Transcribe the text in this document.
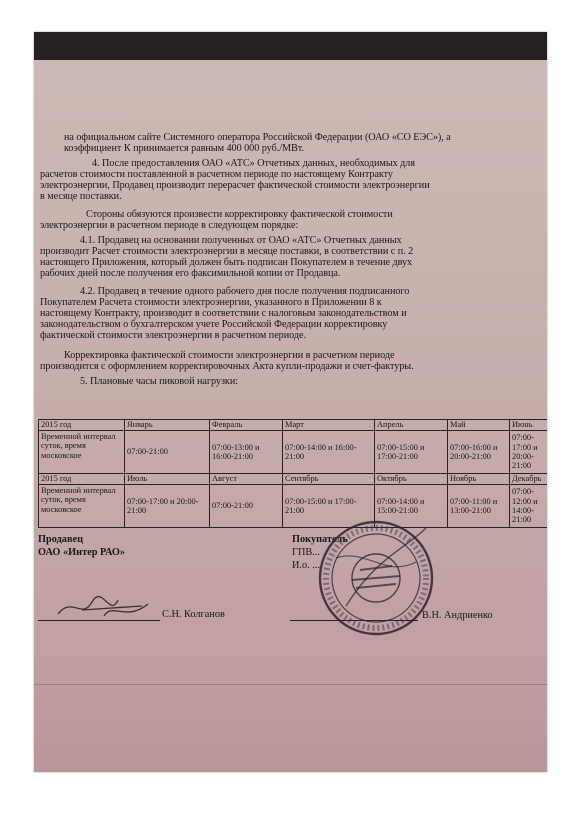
на официальном сайте Системного оператора Российской Федерации (ОАО «СО ЕЭС»), а

коэффициент К принимается равным 400 000 руб./МВт.

4. После предоставления ОАО «АТС» Отчетных данных, необходимых для

расчетов стоимости поставленной в расчетном периоде по настоящему Контракту

электроэнергии, Продавец производит перерасчет фактической стоимости электроэнергии

в месяце поставки.

Стороны обязуются произвести корректировку фактической стоимости

электроэнергии в расчетном периоде в следующем порядке:

4.1. Продавец на основании полученных от ОАО «АТС» Отчетных данных

производит Расчет стоимости электроэнергии в месяце поставки, в соответствии с п. 2

настоящего Приложения, который должен быть подписан Покупателем в течение двух

рабочих дней после получения его факсимильной копии от Продавца.

4.2. Продавец в течение одного рабочего дня после получения подписанного

Покупателем Расчета стоимости электроэнергии, указанного в Приложении 8 к

настоящему Контракту, производит в соответствии с налоговым законодательством и

законодательством о бухгалтерском учете Российской Федерации корректировку

фактической стоимости электроэнергии в расчетном периоде.

Корректировка фактической стоимости электроэнергии в расчетном периоде

производится с оформлением корректировочных Акта купли-продажи и счет-фактуры.

5. Плановые часы пиковой нагрузки:

2015 год	Январь	Февраль	Март	Апрель	Май	Июнь
Временной интервал суток, время московское	07:00-21:00	07:00-13:00 и 16:00-21:00	07:00-14:00 и 16:00-21:00	07:00-15:00 и 17:00-21:00	07:00-16:00 и 20:00-21:00	07:00-17:00 и 20:00-21:00
2015 год	Июль	Август	Сентябрь	Октябрь	Ноябрь	Декабрь
Временной интервал суток, время московское	07:00-17:00 и 20:00-21:00	07:00-21:00	07:00-15:00 и 17:00-21:00	07:00-14:00 и 15:00-21:00	07:00-11:00 и 13:00-21:00	07:00-12:00 и 14:00-21:00
Продавец
ОАО «Интер РАО»
С.Н. Колганов
Покупатель
ГПВ...
И.о. ...
В.Н. Андриенко
